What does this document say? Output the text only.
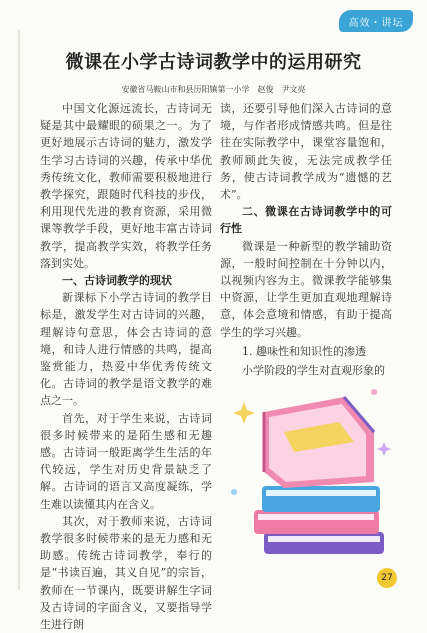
高效・讲坛
微课在小学古诗词教学中的运用研究
安徽省马鞍山市和县历阳镇第一小学　赵俊　尹文亮

中国文化源远流长，古诗词无疑是其中最耀眼的硕果之一。为了更好地展示古诗词的魅力，激发学生学习古诗词的兴趣，传承中华优秀传统文化，教师需要积极地进行教学探究，跟随时代科技的步伐，利用现代先进的教育资源，采用微课等教学手段，更好地丰富古诗词教学，提高教学实效，将教学任务落到实处。

一、古诗词教学的现状

新课标下小学古诗词的教学目标是，激发学生对古诗词的兴趣，理解诗句意思，体会古诗词的意境，和诗人进行情感的共鸣，提高鉴赏能力，热爱中华优秀传统文化。古诗词的教学是语文教学的难点之一。

首先，对于学生来说，古诗词很多时候带来的是陌生感和无趣感。古诗词一般距离学生生活的年代较远，学生对历史背景缺乏了解。古诗词的语言又高度凝练，学生难以读懂其内在含义。

其次，对于教师来说，古诗词教学很多时候带来的是无力感和无助感。传统古诗词教学，奉行的是“书读百遍，其义自见”的宗旨，教师在一节课内，既要讲解生字词及古诗词的字面含义，又要指导学生进行朗

读，还要引导他们深入古诗词的意境，与作者形成情感共鸣。但是往往在实际教学中，课堂容量饱和，教师顾此失彼，无法完成教学任务，使古诗词教学成为“遗憾的艺术”。

二、微课在古诗词教学中的可行性

微课是一种新型的教学辅助资源，一般时间控制在十分钟以内，以视频内容为主。微课教学能够集中资源，让学生更加直观地理解诗意，体会意境和情感，有助于提高学生的学习兴趣。

1. 趣味性和知识性的渗透

小学阶段的学生对直观形象的

27
